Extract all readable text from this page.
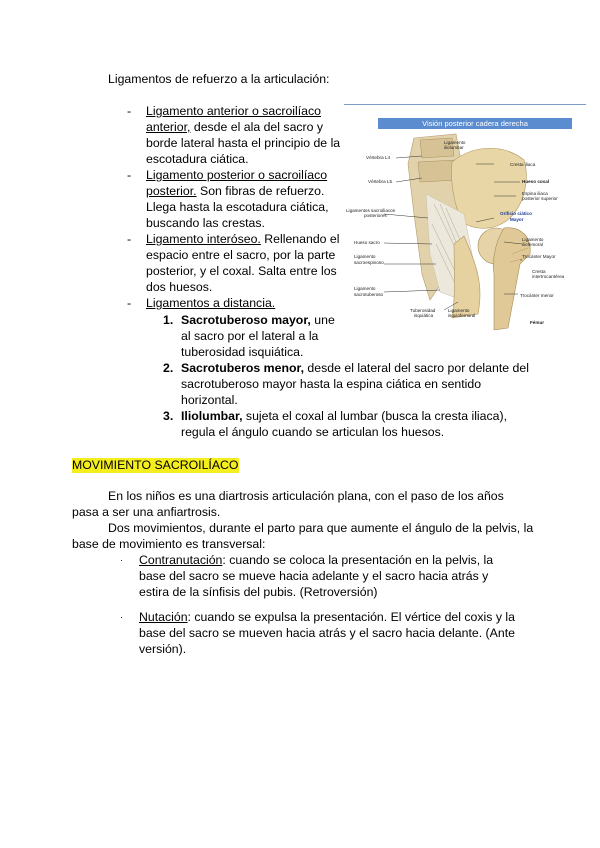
Ligamentos de refuerzo a la articulación:
- Ligamento anterior o sacroilíaco
anterior, desde el ala del sacro y
borde lateral hasta el principio de la
escotadura ciática.
- Ligamento posterior o sacroilíaco
posterior. Son fibras de refuerzo.
Llega hasta la escotadura ciática,
buscando las crestas.
- Ligamento interóseo. Rellenando el
espacio entre el sacro, por la parte
posterior, y el coxal. Salta entre los
dos huesos.
- Ligamentos a distancia.
1. Sacrotuberoso mayor, une
al sacro por el lateral a la
tuberosidad isquiática.
2. Sacrotuberos menor, desde el lateral del sacro por delante del
sacrotuberoso mayor hasta la espina ciática en sentido
horizontal.
3. Iliolumbar, sujeta el coxal al lumbar (busca la cresta iliaca),
regula el ángulo cuando se articulan los huesos.
MOVIMIENTO SACROILÍACO
En los niños es una diartrosis articulación plana, con el paso de los años
pasa a ser una anfiartrosis.
Dos movimientos, durante el parto para que aumente el ángulo de la pelvis, la
base de movimiento es transversal:
· Contranutación: cuando se coloca la presentación en la pelvis, la
base del sacro se mueve hacia adelante y el sacro hacia atrás y
estira de la sínfisis del pubis. (Retroversión)
· Nutación: cuando se expulsa la presentación. El vértice del coxis y la
base del sacro se mueven hacia atrás y el sacro hacia delante. (Ante
versión).
Visión posterior cadera derecha
Ligamento
iliolumbar
Vértebra L4
Cresta iliaca
Vértebra L5	Hueso coxal
Espina iliaca
posterior superior
Ligamentos sacroiliacos
posteriores	Orificio ciático
Mayor
Hueso sacro
Ligamento
iliofemoral
Ligamento
sacroespinoso
Trocánter Mayor
Cresta
intertrocantérea
Ligamento
sacrotuberoso	Trocánter menor
Tuberosidad
isquiática
Ligamento
isquiofemoral
Fémur
